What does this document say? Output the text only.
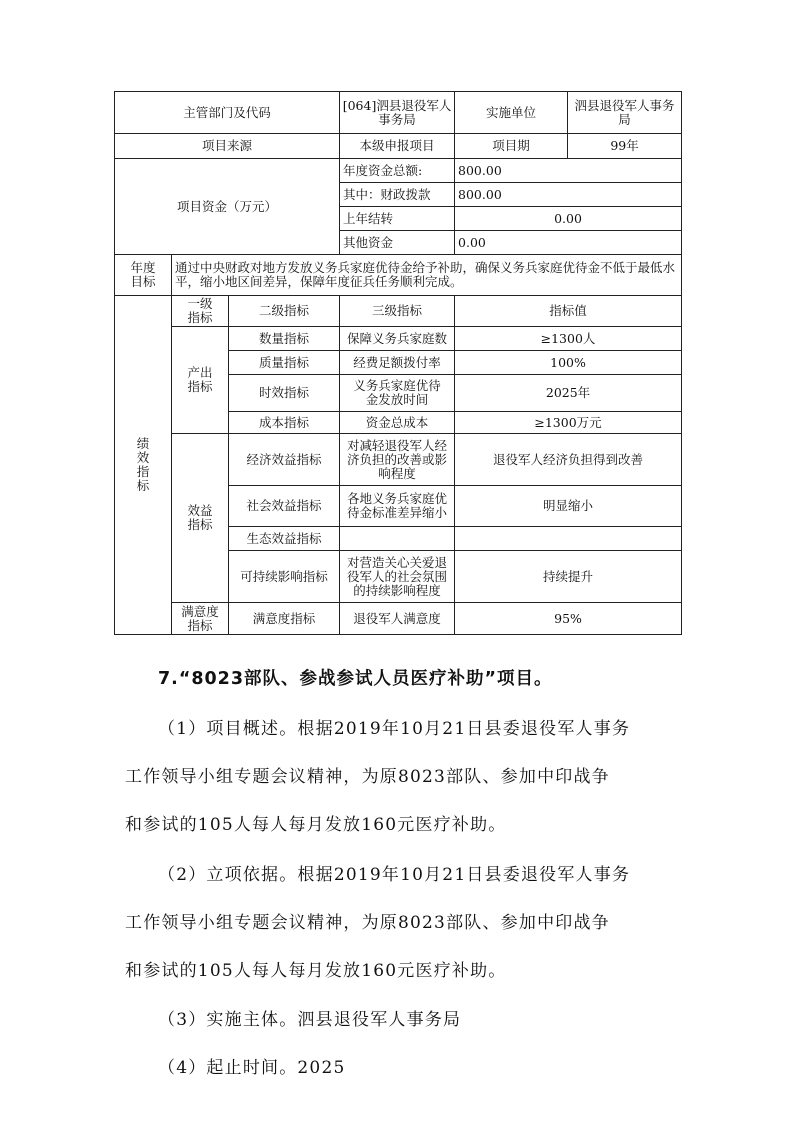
主管部门及代码			[064]泗县退役军人事务局	实施单位	泗县退役军人事务局
项目来源			本级申报项目	项目期	99年
项目资金（万元）			年度资金总额:	800.00	
			其中：财政拨款	800.00	
			上年结转	0.00	
			其他资金	0.00	
年度目标	通过中央财政对地方发放义务兵家庭优待金给予补助，确保义务兵家庭优待金不低于最低水平，缩小地区间差异，保障年度征兵任务顺利完成。				
绩效指标	一级指标	二级指标	三级指标	指标值	
	产出指标	数量指标	保障义务兵家庭数	≥1300人	
		质量指标	经费足额拨付率	100%	
		时效指标	义务兵家庭优待金发放时间	2025年	
		成本指标	资金总成本	≥1300万元	
	效益指标	经济效益指标	对减轻退役军人经济负担的改善或影响程度	退役军人经济负担得到改善	
		社会效益指标	各地义务兵家庭优待金标准差异缩小	明显缩小	
		生态效益指标			
		可持续影响指标	对营造关心关爱退役军人的社会氛围的持续影响程度	持续提升	
	满意度指标	满意度指标	退役军人满意度	95%	
7.“8023部队、参战参试人员医疗补助”项目。
（1）项目概述。根据2019年10月21日县委退役军人事务
工作领导小组专题会议精神，为原8023部队、参加中印战争
和参试的105人每人每月发放160元医疗补助。
（2）立项依据。根据2019年10月21日县委退役军人事务
工作领导小组专题会议精神，为原8023部队、参加中印战争
和参试的105人每人每月发放160元医疗补助。
（3）实施主体。泗县退役军人事务局
（4）起止时间。2025
